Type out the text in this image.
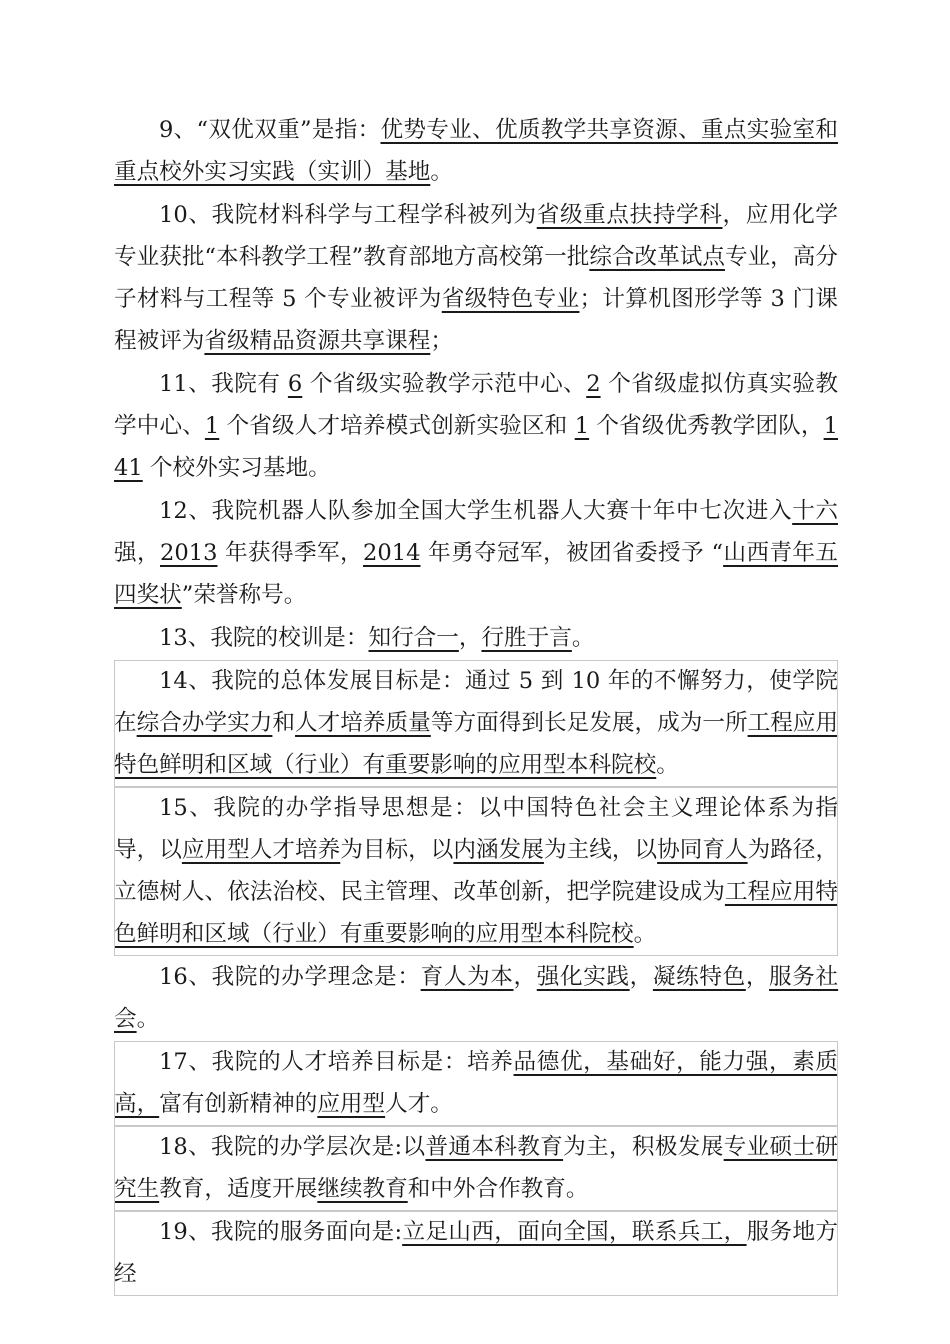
9、“双优双重”是指：优势专业、优质教学共享资源、重点实验室和重点校外实习实践（实训）基地。

10、我院材料科学与工程学科被列为省级重点扶持学科，应用化学专业获批“本科教学工程”教育部地方高校第一批综合改革试点专业，高分子材料与工程等 5 个专业被评为省级特色专业；计算机图形学等 3 门课程被评为省级精品资源共享课程；

11、我院有 6 个省级实验教学示范中心、2 个省级虚拟仿真实验教学中心、1 个省级人才培养模式创新实验区和 1 个省级优秀教学团队，141 个校外实习基地。

12、我院机器人队参加全国大学生机器人大赛十年中七次进入十六强，2013 年获得季军，2014 年勇夺冠军，被团省委授予 “山西青年五四奖状”荣誉称号。

13、我院的校训是：知行合一，行胜于言。

14、我院的总体发展目标是：通过 5 到 10 年的不懈努力，使学院在综合办学实力和人才培养质量等方面得到长足发展，成为一所工程应用特色鲜明和区域（行业）有重要影响的应用型本科院校。

15、我院的办学指导思想是：以中国特色社会主义理论体系为指导，以应用型人才培养为目标，以内涵发展为主线，以协同育人为路径，立德树人、依法治校、民主管理、改革创新，把学院建设成为工程应用特色鲜明和区域（行业）有重要影响的应用型本科院校。

16、我院的办学理念是：育人为本，强化实践，凝练特色，服务社会。

17、我院的人才培养目标是：培养品德优，基础好，能力强，素质高，富有创新精神的应用型人才。

18、我院的办学层次是:以普通本科教育为主，积极发展专业硕士研究生教育，适度开展继续教育和中外合作教育。

19、我院的服务面向是:立足山西，面向全国，联系兵工，服务地方经
